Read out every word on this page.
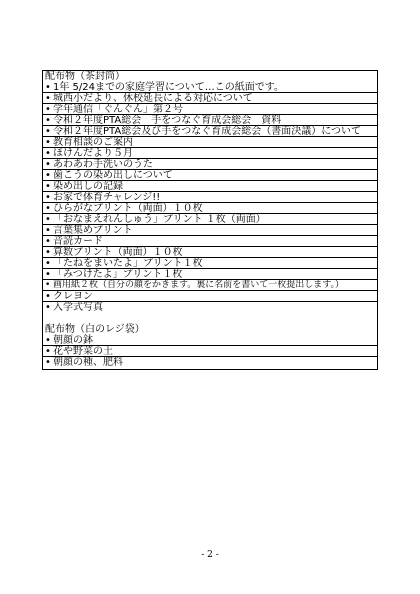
配布物（茶封筒）
• 1年 5/24までの家庭学習について…この紙面です。
• 城西小だより、休校延長による対応について
• 学年通信「ぐんぐん」第２号
• 令和２年度PTA総会　手をつなぐ育成会総会　資料
• 令和２年度PTA総会及び手をつなぐ育成会総会（書面決議）について
• 教育相談のご案内
• ほけんだより５月
• あわあわ手洗いのうた
• 歯こうの染め出しについて
• 染め出しの記録
• お家で体育チャレンジ!!
• ひらがなプリント（両面）１０枚
• 「おなまえれんしゅう」プリント １枚（両面）
• 言葉集めプリント
• 音読カード
• 算数プリント（両面）１０枚
• 「たねをまいたよ」プリント１枚
• 「みつけたよ」プリント１枚
• 画用紙２枚（自分の顔をかきます。裏に名前を書いて一枚提出します。）
• クレヨン
• 入学式写真
配布物（白のレジ袋）
• 朝顔の鉢
• 花や野菜の土
• 朝顔の種、肥料
- 2 -
